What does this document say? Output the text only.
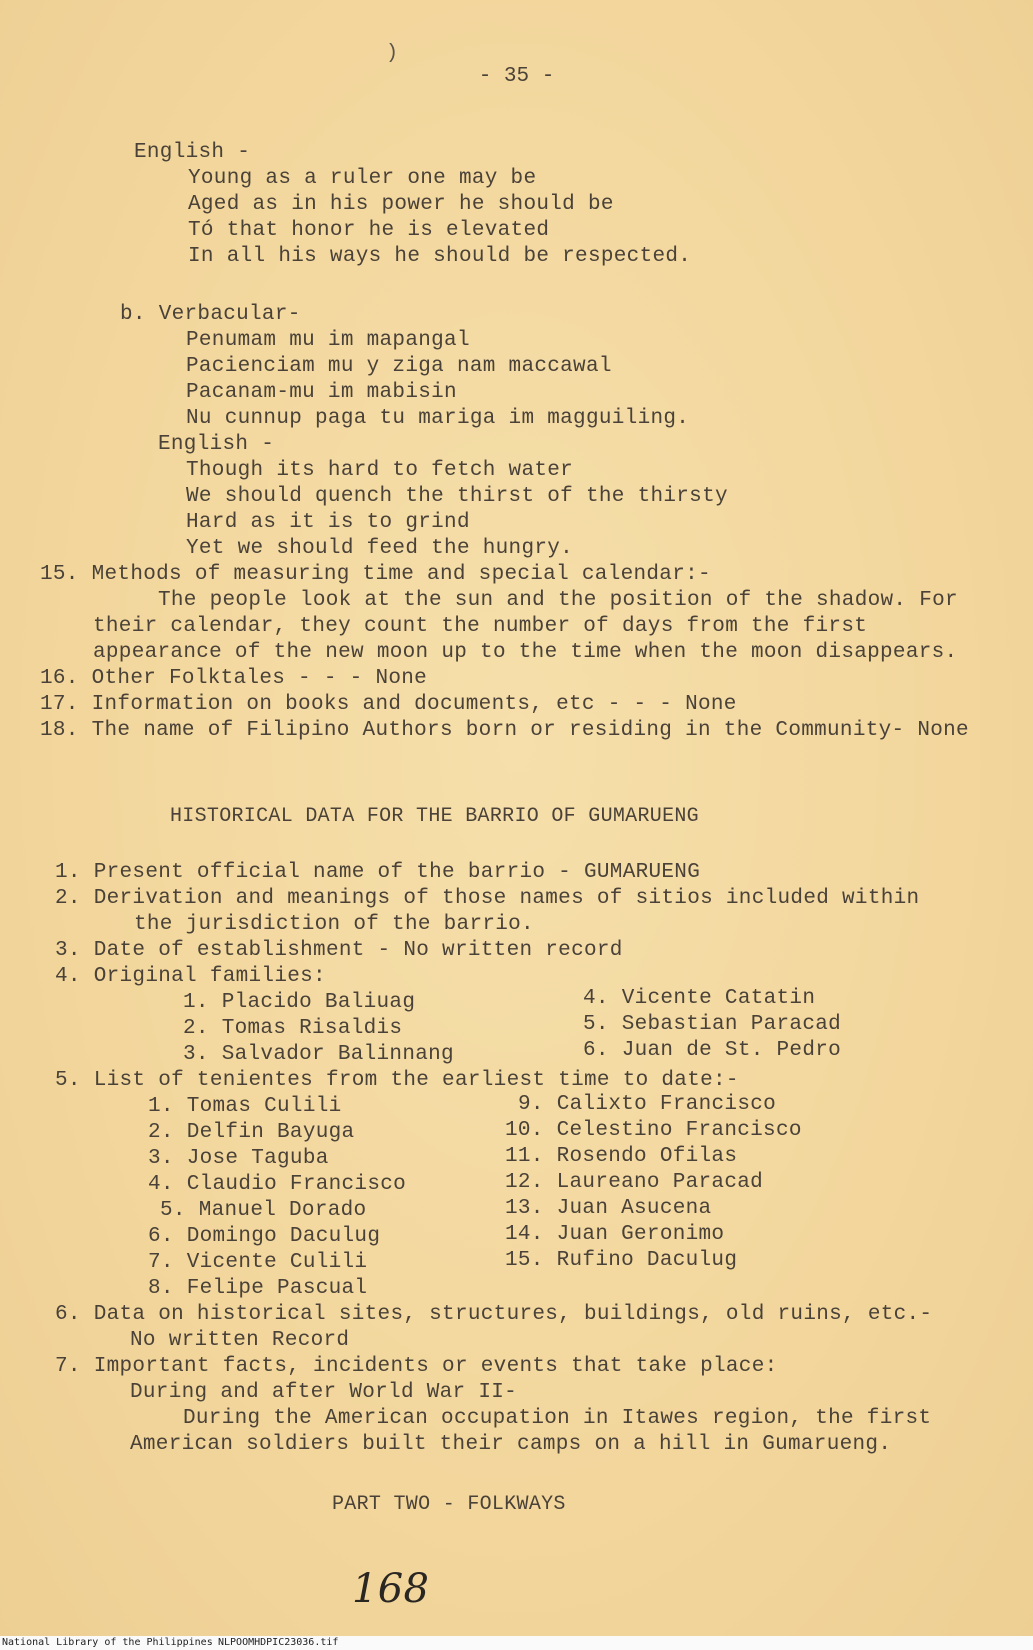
)
- 35 -
English -
Young as a ruler one may be
Aged as in his power he should be
Tó that honor he is elevated
In all his ways he should be respected.
b. Verbacular-
Penumam mu im mapangal
Pacienciam mu y ziga nam maccawal
Pacanam-mu im mabisin
Nu cunnup paga tu mariga im magguiling.
English -
Though its hard to fetch water
We should quench the thirst of the thirsty
Hard as it is to grind
Yet we should feed the hungry.
15. Methods of measuring time and special calendar:-
The people look at the sun and the position of the shadow. For
their calendar, they count the number of days from the first
appearance of the new moon up to the time when the moon disappears.
16. Other Folktales - - - None
17. Information on books and documents, etc - - - None
18. The name of Filipino Authors born or residing in the Community- None
HISTORICAL DATA FOR THE BARRIO OF GUMARUENG
1. Present official name of the barrio - GUMARUENG
2. Derivation and meanings of those names of sitios included within
the jurisdiction of the barrio.
3. Date of establishment - No written record
4. Original families:
1. Placido Baliuag
2. Tomas Risaldis
3. Salvador Balinnang
4. Vicente Catatin
5. Sebastian Paracad
6. Juan de St. Pedro
5. List of tenientes from the earliest time to date:-
1. Tomas Culili
2. Delfin Bayuga
3. Jose Taguba
4. Claudio Francisco
5. Manuel Dorado
6. Domingo Daculug
7. Vicente Culili
8. Felipe Pascual
9. Calixto Francisco
10. Celestino Francisco
11. Rosendo Ofilas
12. Laureano Paracad
13. Juan Asucena
14. Juan Geronimo
15. Rufino Daculug
6. Data on historical sites, structures, buildings, old ruins, etc.-
No written Record
7. Important facts, incidents or events that take place:
During and after World War II-
During the American occupation in Itawes region, the first
American soldiers built their camps on a hill in Gumarueng.
PART TWO - FOLKWAYS
168
National Library of the Philippines NLPOOMHDPIC23036.tif
